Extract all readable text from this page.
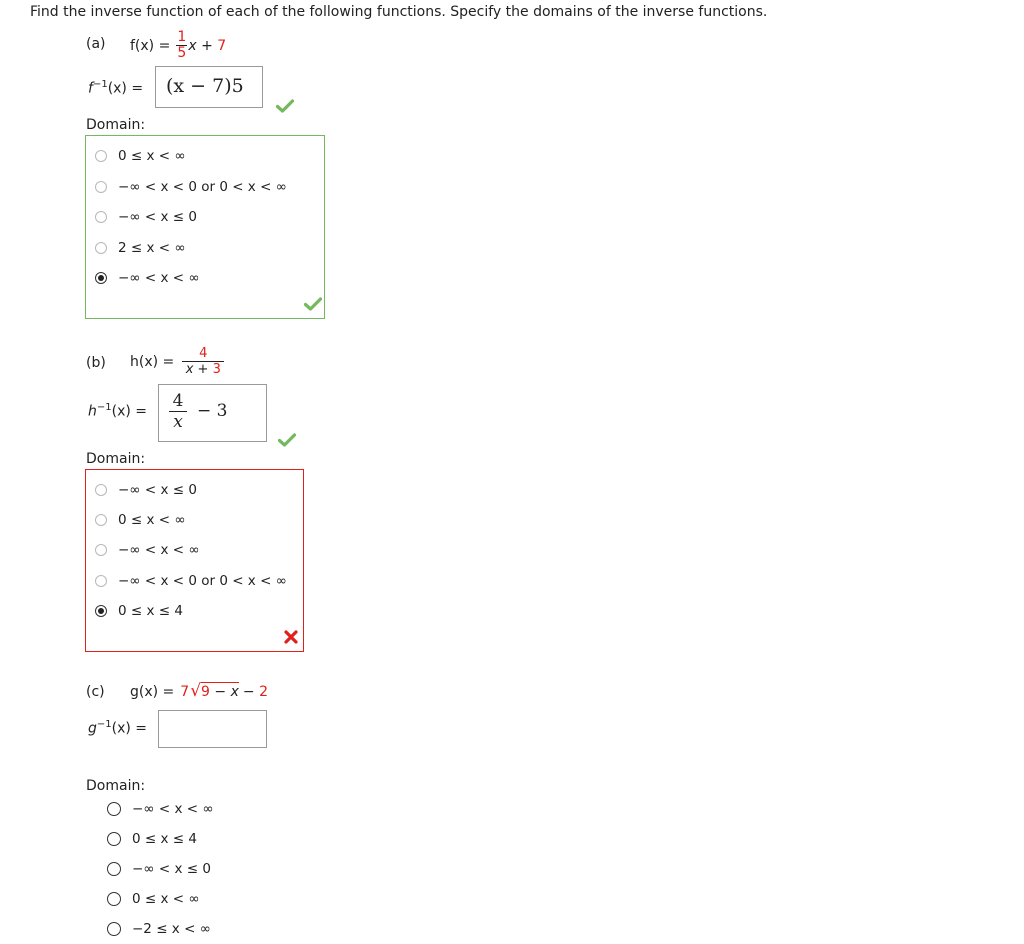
Find the inverse function of each of the following functions. Specify the domains of the inverse functions.
(a) $f(x) = \frac{1}{5}$ x + 7
$f^{-1}(x) = (x - 7)5$
Domain:
0 ≤ x < ∞
−∞ < x < 0 or 0 < x < ∞
−∞ < x ≤ 0
2 ≤ x < ∞
−∞ < x < ∞
(b) $h(x) = \frac{4}{x + 3}$
$h^{-1}(x)$ =
4
x
− 3
Domain:
−∞ < x ≤ 0
0 ≤ x < ∞
−∞ < x < ∞
−∞ < x < 0 or 0 < x < ∞
0 ≤ x ≤ 4
(c) g(x) = 7 √ 9 − x − 2
$g^{-1}(x)$ =
Domain:
−∞ < x < ∞
0 ≤ x ≤ 4
−∞ < x ≤ 0
0 ≤ x < ∞
−2 ≤ x < ∞
